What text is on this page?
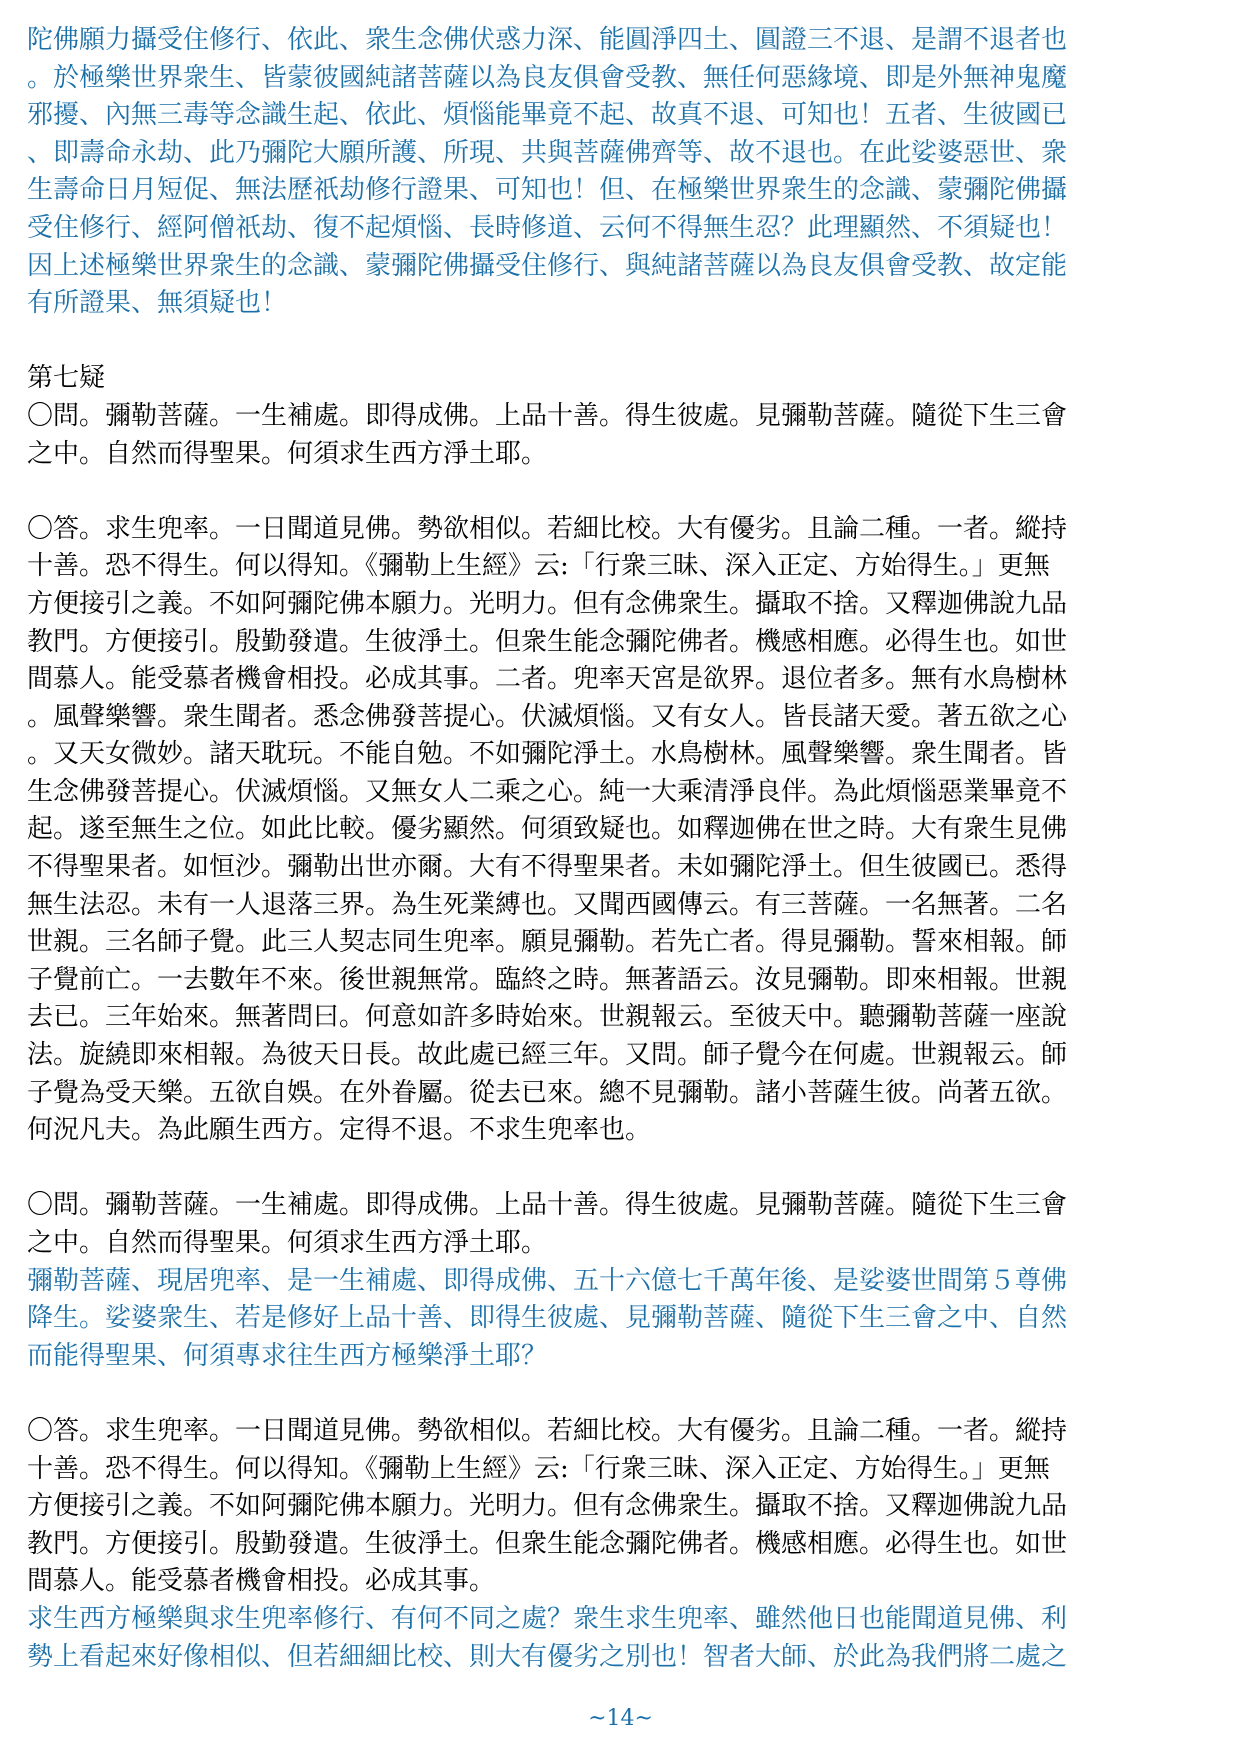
陀佛願力攝受住修行、依此、衆生念佛伏惑力深、能圓淨四土、圓證三不退、是謂不退者也
。於極樂世界衆生、皆蒙彼國純諸菩薩以為良友俱會受教、無任何惡緣境、即是外無神鬼魔
邪擾、內無三毒等念識生起、依此、煩惱能畢竟不起、故真不退、可知也！五者、生彼國已
、即壽命永劫、此乃彌陀大願所護、所現、共與菩薩佛齊等、故不退也。在此娑婆惡世、衆
生壽命日月短促、無法歷祇劫修行證果、可知也！但、在極樂世界衆生的念識、蒙彌陀佛攝
受住修行、經阿僧祇劫、復不起煩惱、長時修道、云何不得無生忍？此理顯然、不須疑也！
因上述極樂世界衆生的念識、蒙彌陀佛攝受住修行、與純諸菩薩以為良友俱會受教、故定能
有所證果、無須疑也！
第七疑
〇問。彌勒菩薩。一生補處。即得成佛。上品十善。得生彼處。見彌勒菩薩。隨從下生三會
之中。自然而得聖果。何須求生西方淨土耶。
〇答。求生兜率。一日聞道見佛。勢欲相似。若細比校。大有優劣。且論二種。一者。縱持
十善。恐不得生。何以得知。《彌勒上生經》云:「行衆三昧、深入正定、方始得生。」更無
方便接引之義。不如阿彌陀佛本願力。光明力。但有念佛衆生。攝取不捨。又釋迦佛說九品
教門。方便接引。殷勤發遣。生彼淨土。但衆生能念彌陀佛者。機感相應。必得生也。如世
間慕人。能受慕者機會相投。必成其事。二者。兜率天宮是欲界。退位者多。無有水鳥樹林
。風聲樂響。衆生聞者。悉念佛發菩提心。伏滅煩惱。又有女人。皆長諸天愛。著五欲之心
。又天女微妙。諸天耽玩。不能自勉。不如彌陀淨土。水鳥樹林。風聲樂響。衆生聞者。皆
生念佛發菩提心。伏滅煩惱。又無女人二乘之心。純一大乘清淨良伴。為此煩惱惡業畢竟不
起。遂至無生之位。如此比較。優劣顯然。何須致疑也。如釋迦佛在世之時。大有衆生見佛
不得聖果者。如恒沙。彌勒出世亦爾。大有不得聖果者。未如彌陀淨土。但生彼國已。悉得
無生法忍。未有一人退落三界。為生死業縛也。又聞西國傳云。有三菩薩。一名無著。二名
世親。三名師子覺。此三人契志同生兜率。願見彌勒。若先亡者。得見彌勒。誓來相報。師
子覺前亡。一去數年不來。後世親無常。臨終之時。無著語云。汝見彌勒。即來相報。世親
去已。三年始來。無著問曰。何意如許多時始來。世親報云。至彼天中。聽彌勒菩薩一座說
法。旋繞即來相報。為彼天日長。故此處已經三年。又問。師子覺今在何處。世親報云。師
子覺為受天樂。五欲自娛。在外眷屬。從去已來。總不見彌勒。諸小菩薩生彼。尚著五欲。
何況凡夫。為此願生西方。定得不退。不求生兜率也。
〇問。彌勒菩薩。一生補處。即得成佛。上品十善。得生彼處。見彌勒菩薩。隨從下生三會
之中。自然而得聖果。何須求生西方淨土耶。
彌勒菩薩、現居兜率、是一生補處、即得成佛、五十六億七千萬年後、是娑婆世間第５尊佛
降生。娑婆衆生、若是修好上品十善、即得生彼處、見彌勒菩薩、隨從下生三會之中、自然
而能得聖果、何須專求往生西方極樂淨土耶？
〇答。求生兜率。一日聞道見佛。勢欲相似。若細比校。大有優劣。且論二種。一者。縱持
十善。恐不得生。何以得知。《彌勒上生經》云:「行衆三昧、深入正定、方始得生。」更無
方便接引之義。不如阿彌陀佛本願力。光明力。但有念佛衆生。攝取不捨。又釋迦佛說九品
教門。方便接引。殷勤發遣。生彼淨土。但衆生能念彌陀佛者。機感相應。必得生也。如世
間慕人。能受慕者機會相投。必成其事。
求生西方極樂與求生兜率修行、有何不同之處？衆生求生兜率、雖然他日也能聞道見佛、利
勢上看起來好像相似、但若細細比校、則大有優劣之別也！智者大師、於此為我們將二處之
~14~
